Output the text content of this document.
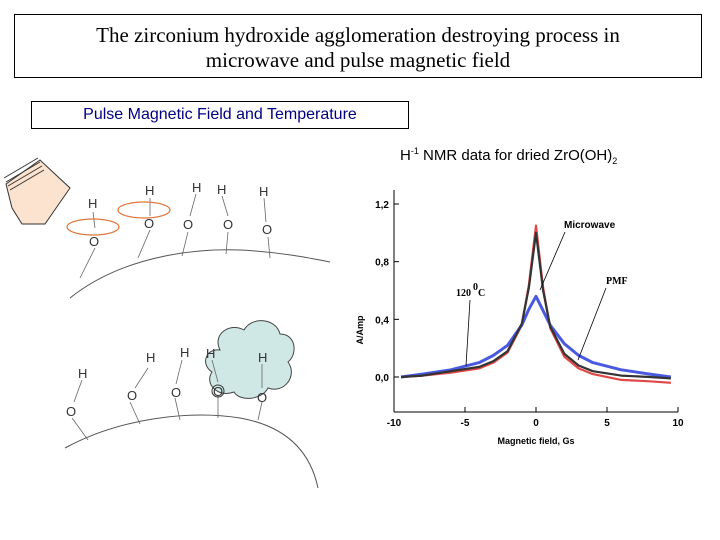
The zirconium hydroxide agglomeration destroying process in
microwave and pulse magnetic field
Pulse Magnetic Field and Temperature
$H^{-1}$ NMR data for dried $ZrO(OH)_2$
H
O
H
O
H
O
H
O
H
O
H
O
H
O
H
O
H
O
H
O
-10	-5	0	5	10
0,0
0,4
0,8
1,2
Microwave
PMF
120
0
C
Magnetic field, Gs
A/Amp
